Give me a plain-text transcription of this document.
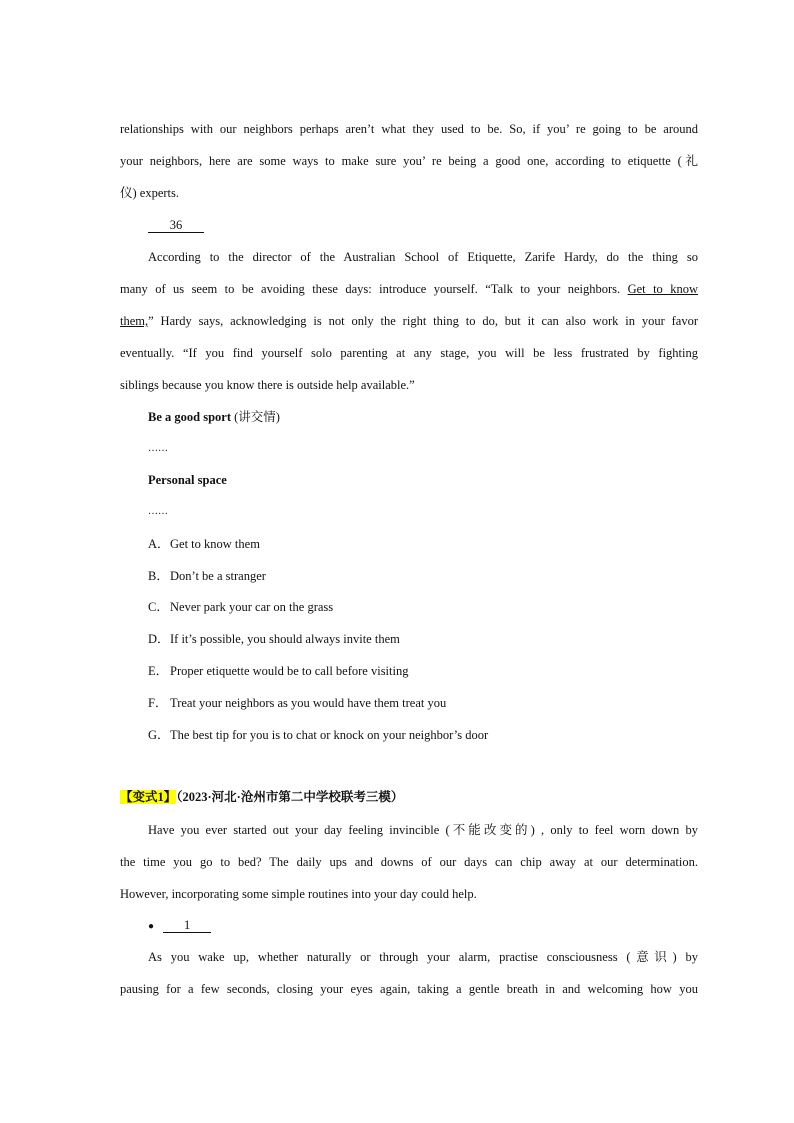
relationships with our neighbors perhaps aren’t what they used to be. So, if you’ re going to be around
your neighbors, here are some ways to make sure you’ re being a good one, according to etiquette (礼
仪) experts.
36
According to the director of the Australian School of Etiquette, Zarife Hardy, do the thing so
many of us seem to be avoiding these days: introduce yourself. “Talk to your neighbors. Get to know
them,” Hardy says, acknowledging is not only the right thing to do, but it can also work in your favor
eventually. “If you find yourself solo parenting at any stage, you will be less frustrated by fighting
siblings because you know there is outside help available.”
Be a good sport (讲交情)
……
Personal space
……
A．Get to know them
B．Don’t be a stranger
C．Never park your car on the grass
D．If it’s possible, you should always invite them
E． Proper etiquette would be to call before visiting
F． Treat your neighbors as you would have them treat you
G．The best tip for you is to chat or knock on your neighbor’s door
【变式1】（2023·河北·沧州市第二中学校联考三模）
Have you ever started out your day feeling invincible (不能改变的) , only to feel worn down by
the time you go to bed? The daily ups and downs of our days can chip away at our determination.
However, incorporating some simple routines into your day could help.
● 1
As you wake up, whether naturally or through your alarm, practise consciousness (意识) by
pausing for a few seconds, closing your eyes again, taking a gentle breath in and welcoming how you
